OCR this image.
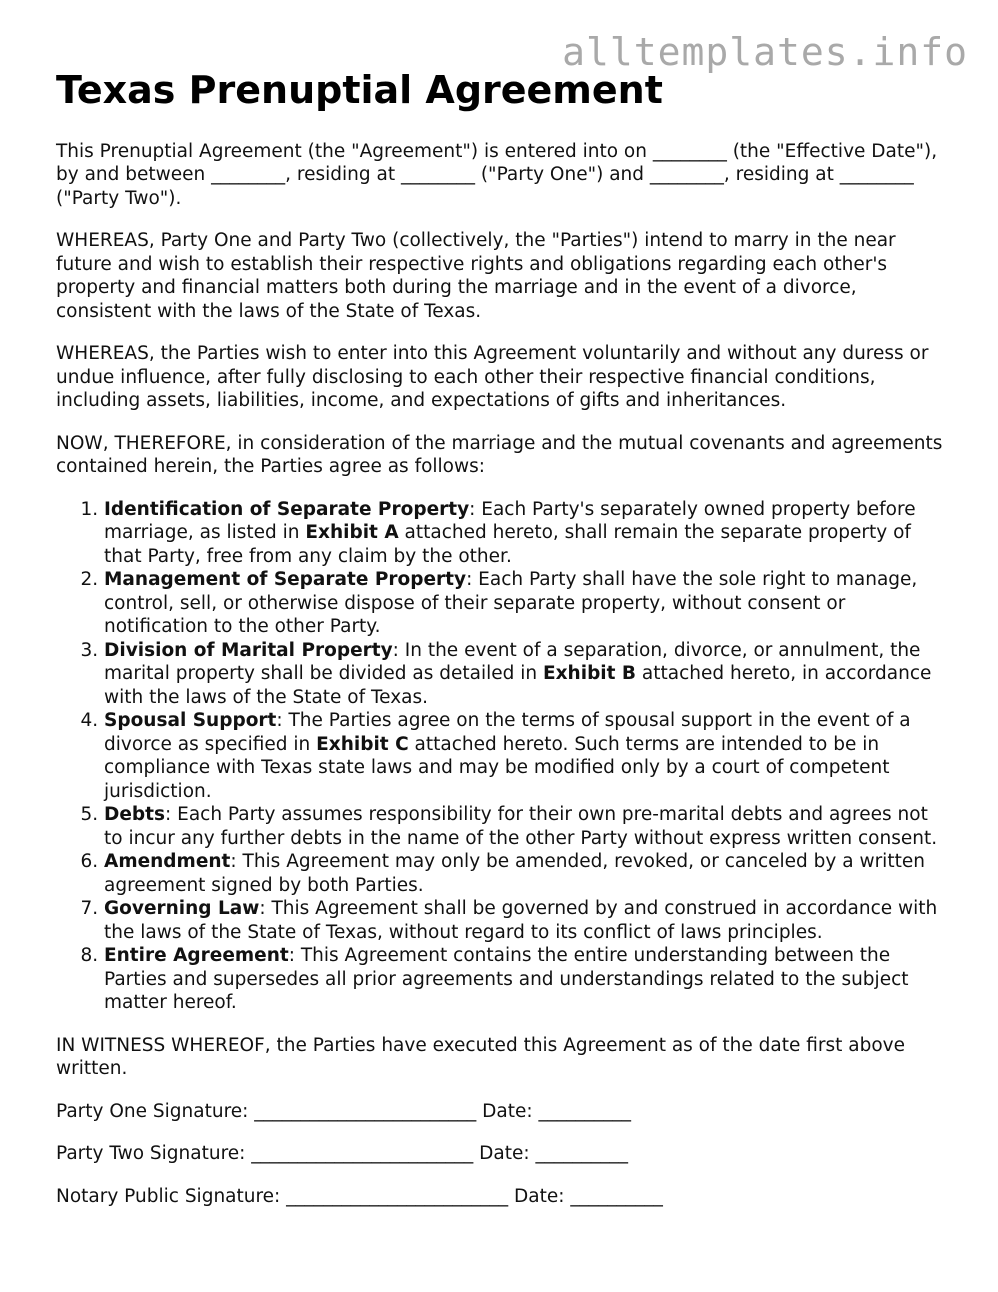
alltemplates.info
Texas Prenuptial Agreement

This Prenuptial Agreement (the "Agreement") is entered into on ________ (the "Effective Date"), by and between ________, residing at ________ ("Party One") and ________, residing at ________ ("Party Two").

WHEREAS, Party One and Party Two (collectively, the "Parties") intend to marry in the near future and wish to establish their respective rights and obligations regarding each other's property and financial matters both during the marriage and in the event of a divorce, consistent with the laws of the State of Texas.

WHEREAS, the Parties wish to enter into this Agreement voluntarily and without any duress or undue influence, after fully disclosing to each other their respective financial conditions, including assets, liabilities, income, and expectations of gifts and inheritances.

NOW, THEREFORE, in consideration of the marriage and the mutual covenants and agreements contained herein, the Parties agree as follows:

1. Identification of Separate Property: Each Party's separately owned property before marriage, as listed in Exhibit A attached hereto, shall remain the separate property of that Party, free from any claim by the other.
2. Management of Separate Property: Each Party shall have the sole right to manage, control, sell, or otherwise dispose of their separate property, without consent or notification to the other Party.
3. Division of Marital Property: In the event of a separation, divorce, or annulment, the marital property shall be divided as detailed in Exhibit B attached hereto, in accordance with the laws of the State of Texas.
4. Spousal Support: The Parties agree on the terms of spousal support in the event of a divorce as specified in Exhibit C attached hereto. Such terms are intended to be in compliance with Texas state laws and may be modified only by a court of competent jurisdiction.
5. Debts: Each Party assumes responsibility for their own pre-marital debts and agrees not to incur any further debts in the name of the other Party without express written consent.
6. Amendment: This Agreement may only be amended, revoked, or canceled by a written agreement signed by both Parties.
7. Governing Law: This Agreement shall be governed by and construed in accordance with the laws of the State of Texas, without regard to its conflict of laws principles.
8. Entire Agreement: This Agreement contains the entire understanding between the Parties and supersedes all prior agreements and understandings related to the subject matter hereof.

IN WITNESS WHEREOF, the Parties have executed this Agreement as of the date first above written.

Party One Signature: ________________________ Date: __________
Party Two Signature: ________________________ Date: __________
Notary Public Signature: ________________________ Date: __________
